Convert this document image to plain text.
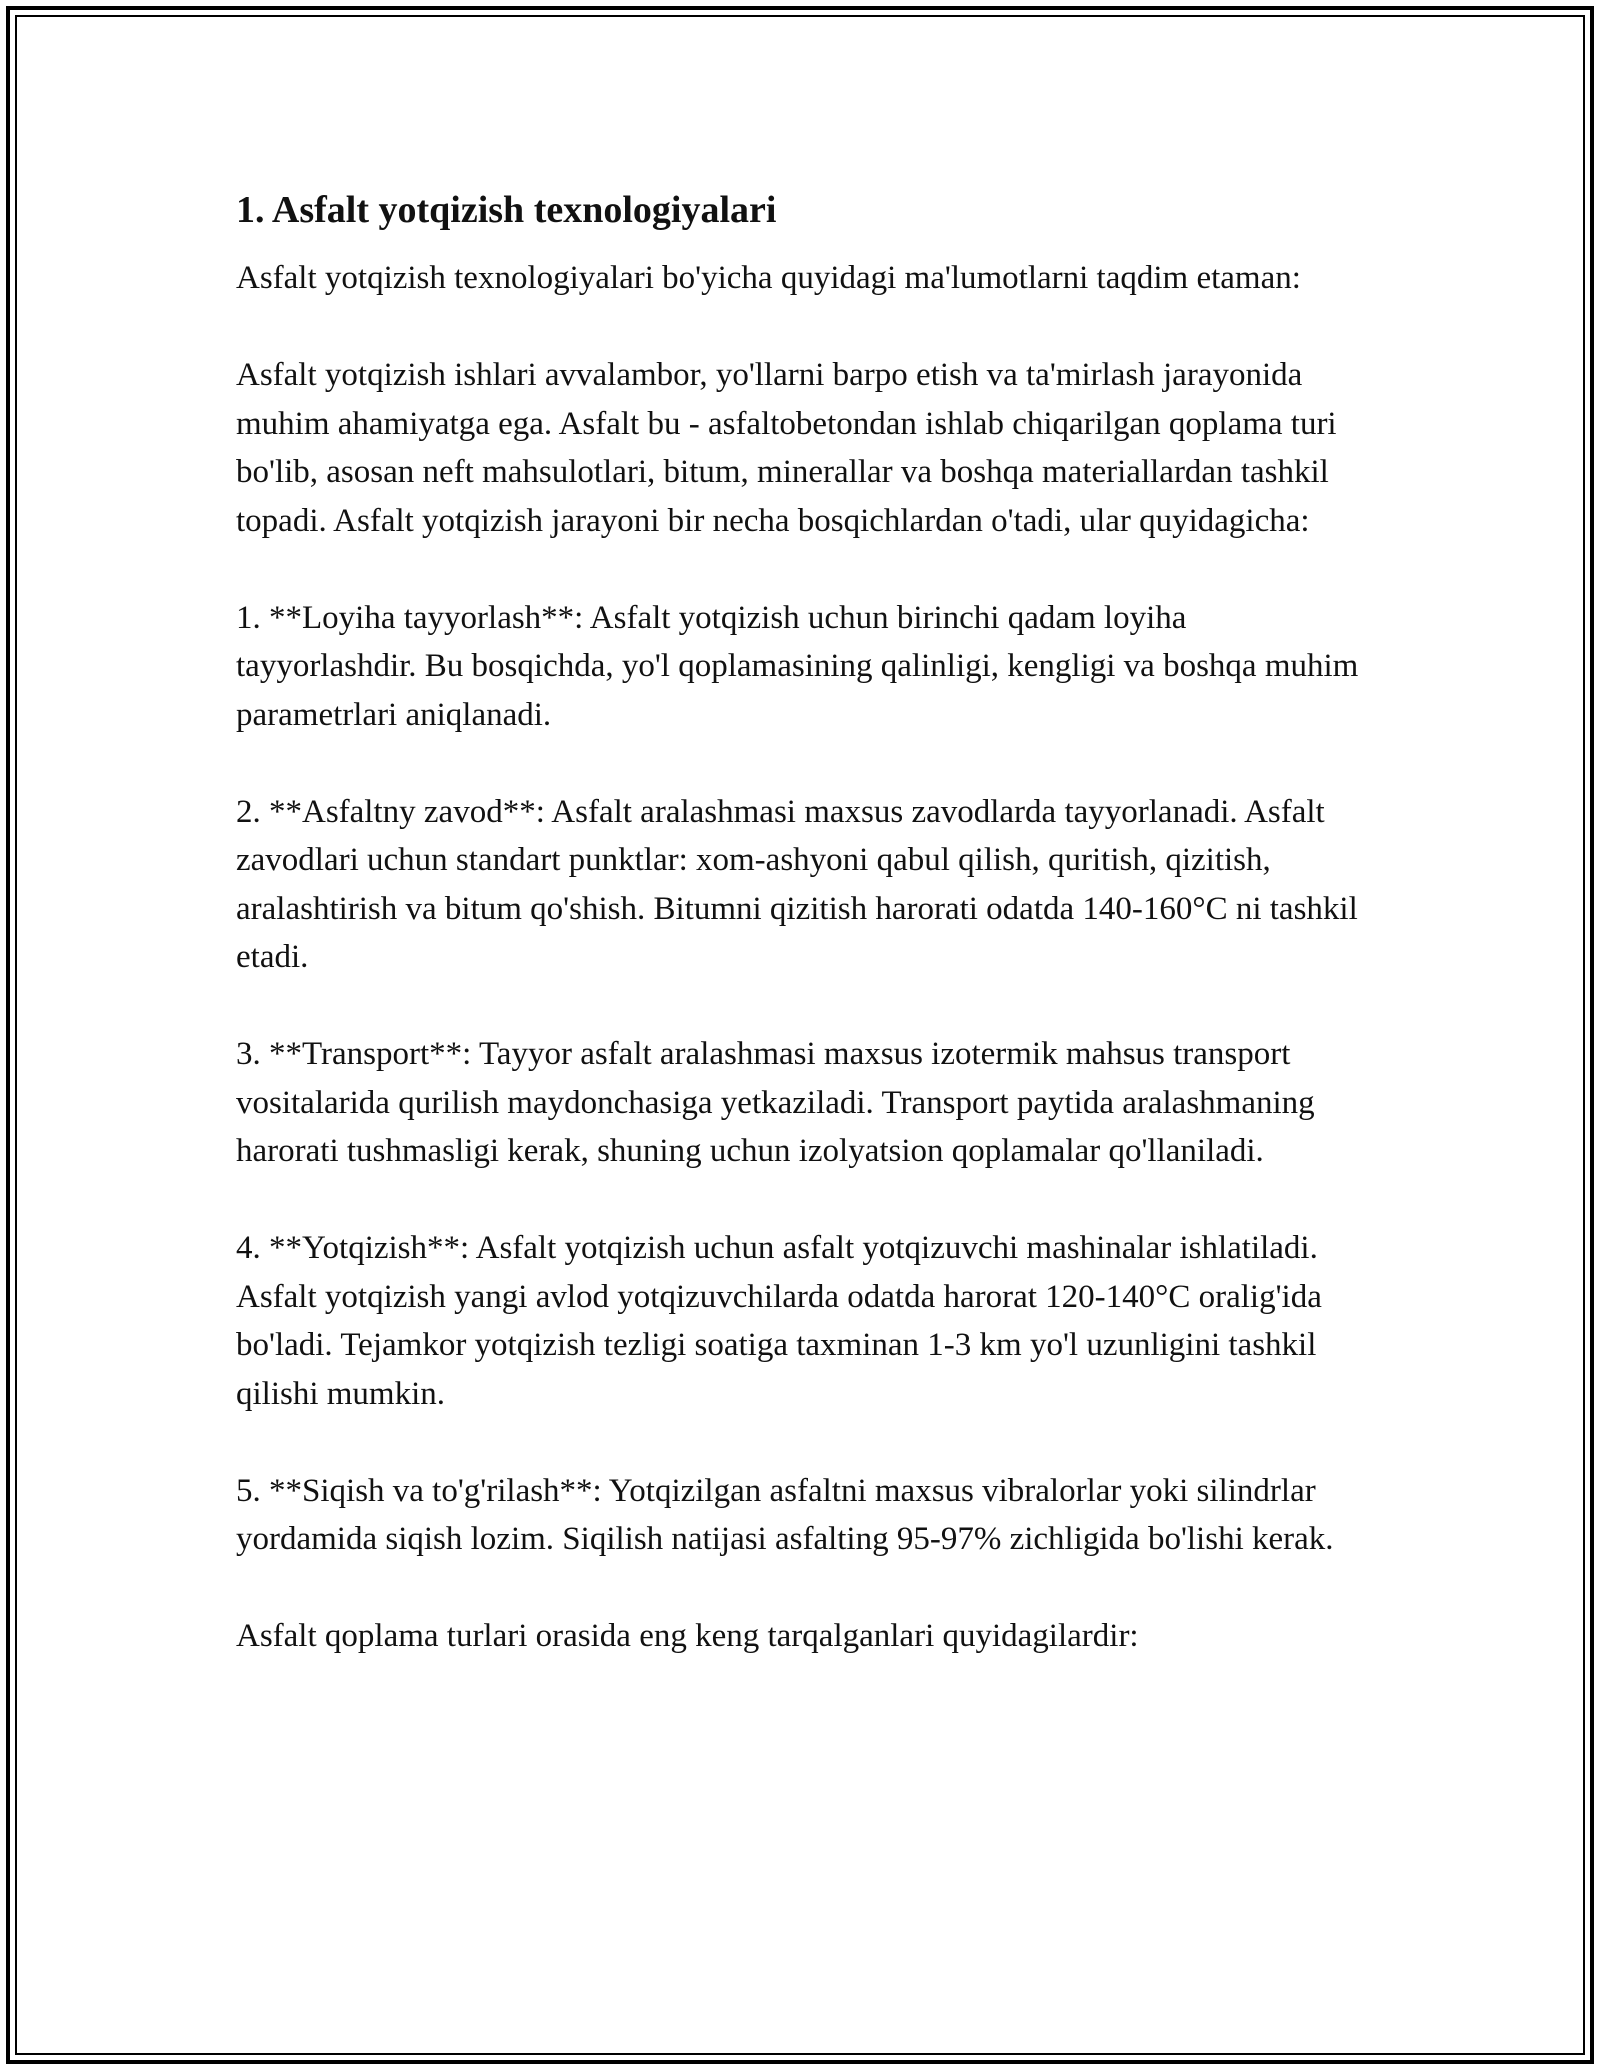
1. Asfalt yotqizish texnologiyalari

Asfalt yotqizish texnologiyalari bo'yicha quyidagi ma'lumotlarni taqdim etaman:

Asfalt yotqizish ishlari avvalambor, yo'llarni barpo etish va ta'mirlash jarayonida muhim ahamiyatga ega. Asfalt bu - asfaltobetondan ishlab chiqarilgan qoplama turi bo'lib, asosan neft mahsulotlari, bitum, minerallar va boshqa materiallardan tashkil topadi. Asfalt yotqizish jarayoni bir necha bosqichlardan o'tadi, ular quyidagicha:

1. **Loyiha tayyorlash**: Asfalt yotqizish uchun birinchi qadam loyiha tayyorlashdir. Bu bosqichda, yo'l qoplamasining qalinligi, kengligi va boshqa muhim parametrlari aniqlanadi.

2. **Asfaltny zavod**: Asfalt aralashmasi maxsus zavodlarda tayyorlanadi. Asfalt zavodlari uchun standart punktlar: xom-ashyoni qabul qilish, quritish, qizitish, aralashtirish va bitum qo'shish. Bitumni qizitish harorati odatda 140-160°C ni tashkil etadi.

3. **Transport**: Tayyor asfalt aralashmasi maxsus izotermik mahsus transport vositalarida qurilish maydonchasiga yetkaziladi. Transport paytida aralashmaning harorati tushmasligi kerak, shuning uchun izolyatsion qoplamalar qo'llaniladi.

4. **Yotqizish**: Asfalt yotqizish uchun asfalt yotqizuvchi mashinalar ishlatiladi. Asfalt yotqizish yangi avlod yotqizuvchilarda odatda harorat 120-140°C oralig'ida bo'ladi. Tejamkor yotqizish tezligi soatiga taxminan 1-3 km yo'l uzunligini tashkil qilishi mumkin.

5. **Siqish va to'g'rilash**: Yotqizilgan asfaltni maxsus vibralorlar yoki silindrlar yordamida siqish lozim. Siqilish natijasi asfalting 95-97% zichligida bo'lishi kerak.

Asfalt qoplama turlari orasida eng keng tarqalganlari quyidagilardir:
